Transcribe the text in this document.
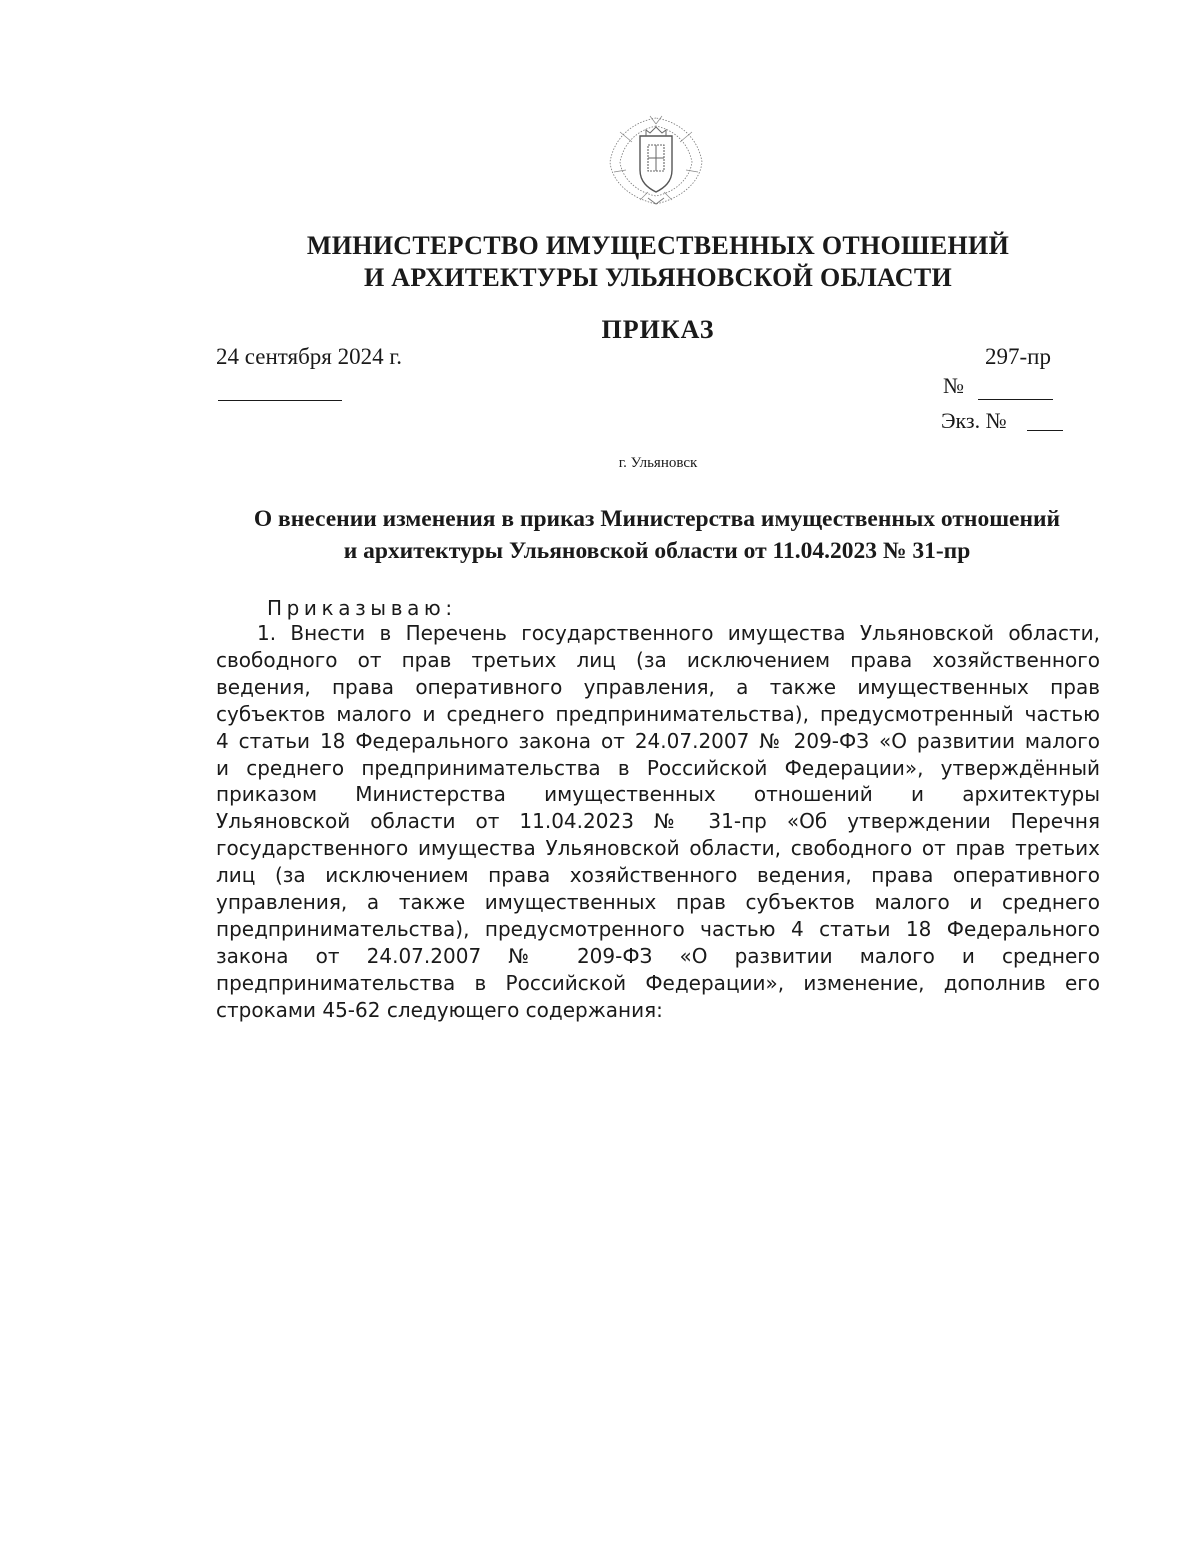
МИНИСТЕРСТВО ИМУЩЕСТВЕННЫХ ОТНОШЕНИЙ
И АРХИТЕКТУРЫ УЛЬЯНОВСКОЙ ОБЛАСТИ
ПРИКАЗ
24 сентября 2024 г.	297-пр
№
Экз. №
г. Ульяновск
О внесении изменения в приказ Министерства имущественных отношений
и архитектуры Ульяновской области от 11.04.2023 № 31-пр
Приказываю:
1. Внести в Перечень государственного имущества Ульяновской области,
свободного от прав третьих лиц (за исключением права хозяйственного
ведения, права оперативного управления, а также имущественных прав
субъектов малого и среднего предпринимательства), предусмотренный частью
4 статьи 18 Федерального закона от 24.07.2007 № 209-ФЗ «О развитии малого
и среднего предпринимательства в Российской Федерации», утверждённый
приказом Министерства имущественных отношений и архитектуры
Ульяновской области от 11.04.2023 № 31-пр «Об утверждении Перечня
государственного имущества Ульяновской области, свободного от прав третьих
лиц (за исключением права хозяйственного ведения, права оперативного
управления, а также имущественных прав субъектов малого и среднего
предпринимательства), предусмотренного частью 4 статьи 18 Федерального
закона от 24.07.2007 № 209-ФЗ «О развитии малого и среднего
предпринимательства в Российской Федерации», изменение, дополнив его
строками 45-62 следующего содержания:
